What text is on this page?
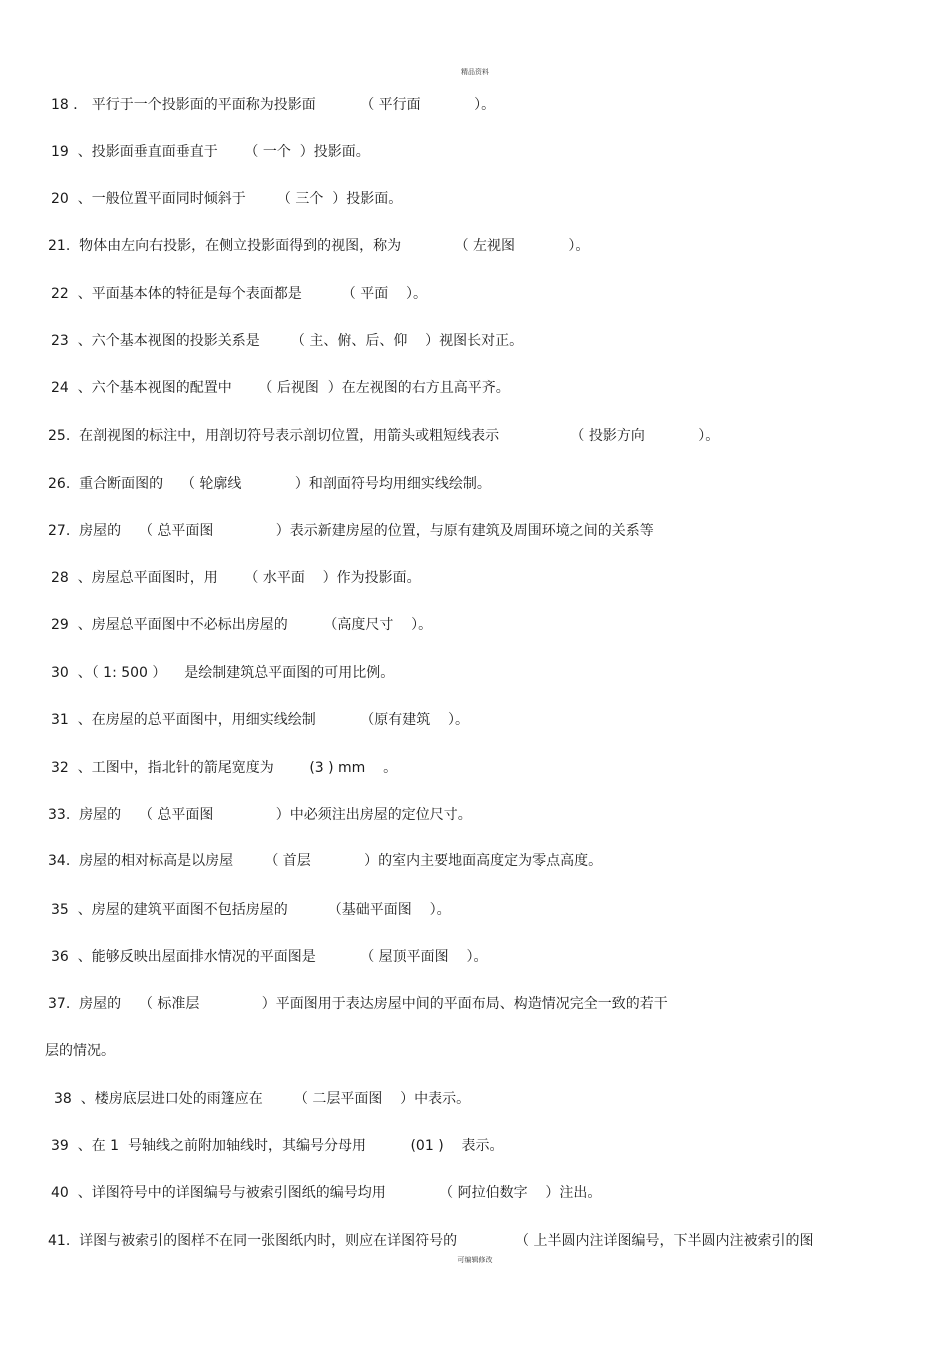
精品资料
18 ． 平行于一个投影面的平面称为投影面          （ 平行面            ）。
19  、投影面垂直面垂直于      （ 一个  ）投影面。
20  、一般位置平面同时倾斜于       （ 三个  ）投影面。
21.  物体由左向右投影，在侧立投影面得到的视图，称为            （ 左视图            ）。
22  、平面基本体的特征是每个表面都是         （ 平面    ）。
23  、六个基本视图的投影关系是       （ 主、俯、后、仰    ）视图长对正。
24  、六个基本视图的配置中      （ 后视图  ）在左视图的右方且高平齐。
25.  在剖视图的标注中，用剖切符号表示剖切位置，用箭头或粗短线表示                （ 投影方向            ）。
26.  重合断面图的    （ 轮廓线            ）和剖面符号均用细实线绘制。
27.  房屋的    （ 总平面图              ）表示新建房屋的位置，与原有建筑及周围环境之间的关系等
28  、房屋总平面图时，用      （ 水平面    ）作为投影面。
29  、房屋总平面图中不必标出房屋的        （高度尺寸    ）。
30  、（ 1: 500 ）    是绘制建筑总平面图的可用比例。
31  、在房屋的总平面图中，用细实线绘制          （原有建筑    ）。
32  、工图中，指北针的箭尾宽度为        (3 ) mm    。
33.  房屋的    （ 总平面图              ）中必须注出房屋的定位尺寸。
34.  房屋的相对标高是以房屋       （ 首层            ）的室内主要地面高度定为零点高度。
35  、房屋的建筑平面图不包括房屋的         （基础平面图    ）。
36  、能够反映出屋面排水情况的平面图是          （ 屋顶平面图    ）。
37.  房屋的    （ 标准层              ）平面图用于表达房屋中间的平面布局、构造情况完全一致的若干
层的情况。
38  、楼房底层进口处的雨篷应在       （ 二层平面图    ）中表示。
39  、在 1  号轴线之前附加轴线时，其编号分母用          (01 )    表示。
40  、详图符号中的详图编号与被索引图纸的编号均用            （ 阿拉伯数字    ）注出。
41.  详图与被索引的图样不在同一张图纸内时，则应在详图符号的             （ 上半圆内注详图编号，下半圆内注被索引的图
可编辑修改
